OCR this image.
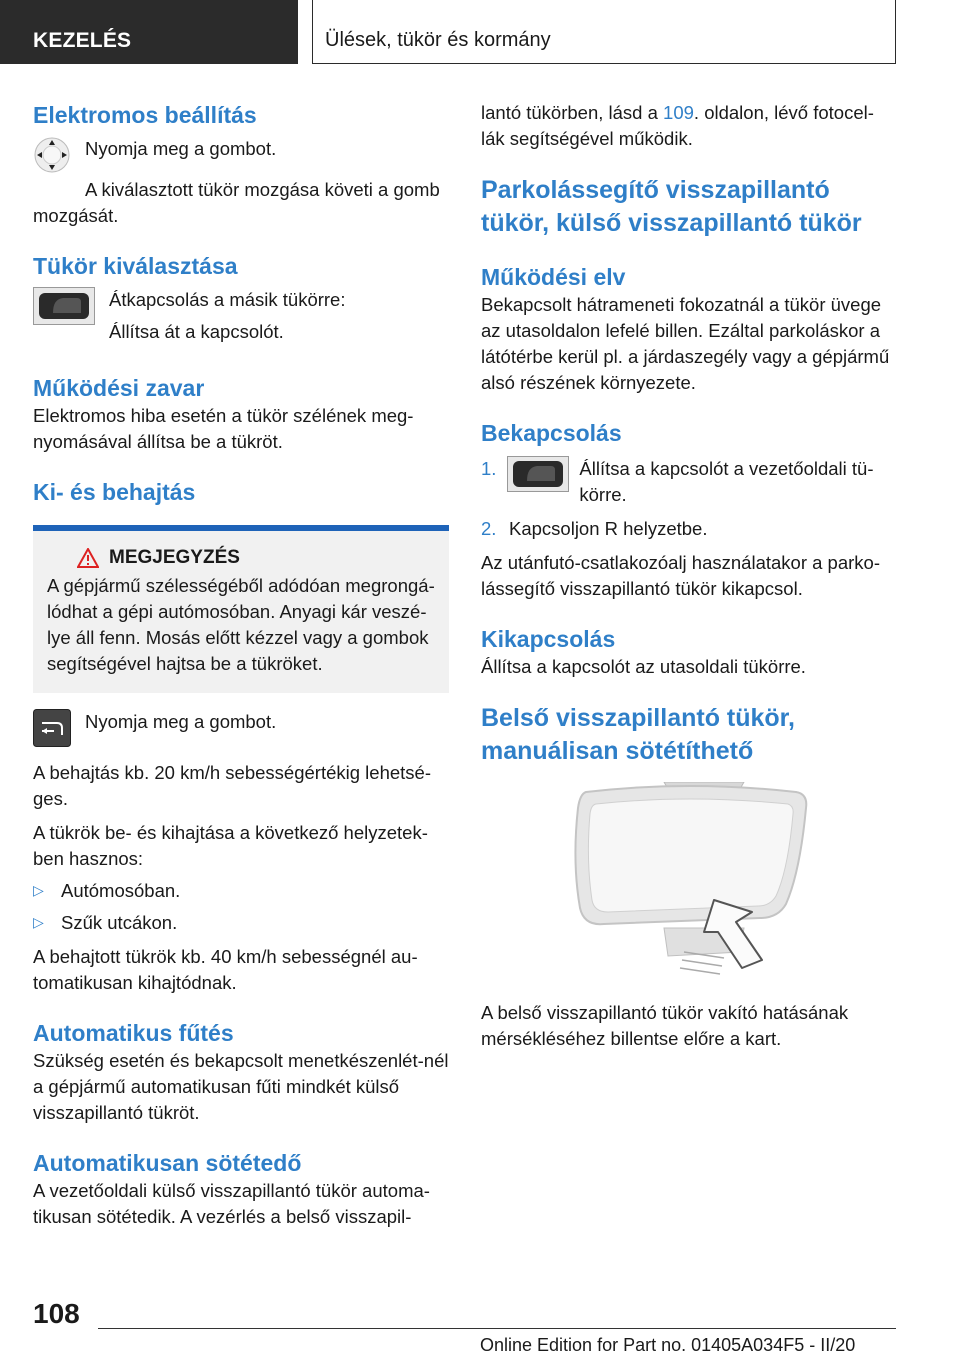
KEZELÉS	Ülések, tükör és kormány
Elektromos beállítás

Nyomja meg a gombot.

A kiválasztott tükör mozgása követi a gomb mozgását.

Tükör kiválasztása

Átkapcsolás a másik tükörre:

Állítsa át a kapcsolót.

Működési zavar

Elektromos hiba esetén a tükör szélének meg-nyomásával állítsa be a tükröt.

Ki- és behajtás
MEGJEGYZÉS

A gépjármű szélességéből adódóan megrongá-lódhat a gépi autómosóban. Anyagi kár veszé-lye áll fenn. Mosás előtt kézzel vagy a gombok segítségével hajtsa be a tükröket.

Nyomja meg a gombot.

A behajtás kb. 20 km/h sebességértékig lehetsé-ges.

A tükrök be- és kihajtása a következő helyzetek-ben hasznos:

▷ Autómosóban.

▷ Szűk utcákon.

A behajtott tükrök kb. 40 km/h sebességnél au-tomatikusan kihajtódnak.

Automatikus fűtés

Szükség esetén és bekapcsolt menetkészenlét-nél a gépjármű automatikusan fűti mindkét külső visszapillantó tükröt.

Automatikusan sötétedő

A vezetőoldali külső visszapillantó tükör automa-tikusan sötétedik. A vezérlés a belső visszapil-

lantó tükörben, lásd a 109. oldalon, lévő fotocel-lák segítségével működik.

Parkolássegítő visszapillantó tükör, külső visszapillantó tükör
Működési elv

Bekapcsolt hátrameneti fokozatnál a tükör üvege az utasoldalon lefelé billen. Ezáltal parkoláskor a látótérbe kerül pl. a járdaszegély vagy a gépjármű alsó részének környezete.

Bekapcsolás
1.	Állítsa a kapcsolót a vezetőoldali tü-körre.

2. Kapcsoljon R helyzetbe.

Az utánfutó-csatlakozóalj használatakor a parko-lássegítő visszapillantó tükör kikapcsol.

Kikapcsolás

Állítsa a kapcsolót az utasoldali tükörre.

Belső visszapillantó tükör, manuálisan sötétíthető

A belső visszapillantó tükör vakító hatásának mérsékléséhez billentse előre a kart.

108
Online Edition for Part no. 01405A034F5 - II/20
